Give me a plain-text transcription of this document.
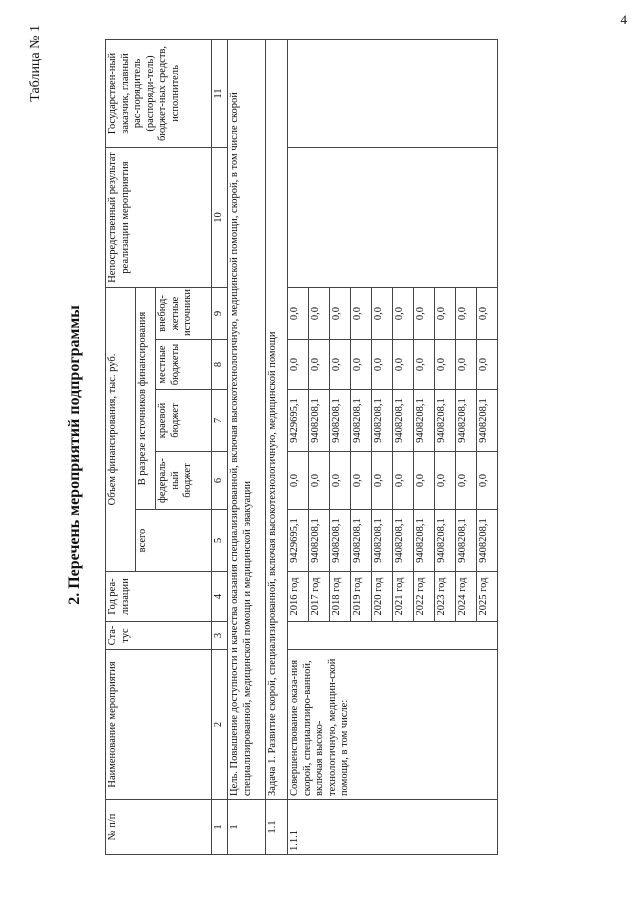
4
Таблица № 1
2. Перечень мероприятий подпрограммы
№ п/п	Наименование мероприятия	Ста-тус	Год реа-лизации	Объем финансирования, тыс. руб.					Непосредственный результат реализации мероприятия	Государствен-ный заказчик, главный рас-порядитель (распоряди-тель) бюджет-ных средств, исполнитель
				всего	В разрезе источников финансирования					
					федераль-ный бюджет	краевой бюджет	местные бюджеты	внебюд-жетные источники		
1	2	3	4	5	6	7	8	9	10	11
1	Цель. Повышение доступности и качества оказания специализированной, включая высокотехнологичную, медицинской помощи, скорой, в том числе скорой специализированной, медицинской помощи и медицинской эвакуации									
1.1	Задача 1. Развитие скорой, специализированной, включая высокотехнологичную, медицинской помощи									
1.1.1	Совершенствование оказа-ния скорой, специализиро-ванной, включая высоко-технологичную, медицин-ской помощи, в том числе:		2016 год	9429695,1	0,0	9429695,1	0,0	0,0		
			2017 год	9408208,1	0,0	9408208,1	0,0	0,0		
			2018 год	9408208,1	0,0	9408208,1	0,0	0,0		
			2019 год	9408208,1	0,0	9408208,1	0,0	0,0		
			2020 год	9408208,1	0,0	9408208,1	0,0	0,0		
			2021 год	9408208,1	0,0	9408208,1	0,0	0,0		
			2022 год	9408208,1	0,0	9408208,1	0,0	0,0		
			2023 год	9408208,1	0,0	9408208,1	0,0	0,0		
			2024 год	9408208,1	0,0	9408208,1	0,0	0,0		
			2025 год	9408208,1	0,0	9408208,1	0,0	0,0		
